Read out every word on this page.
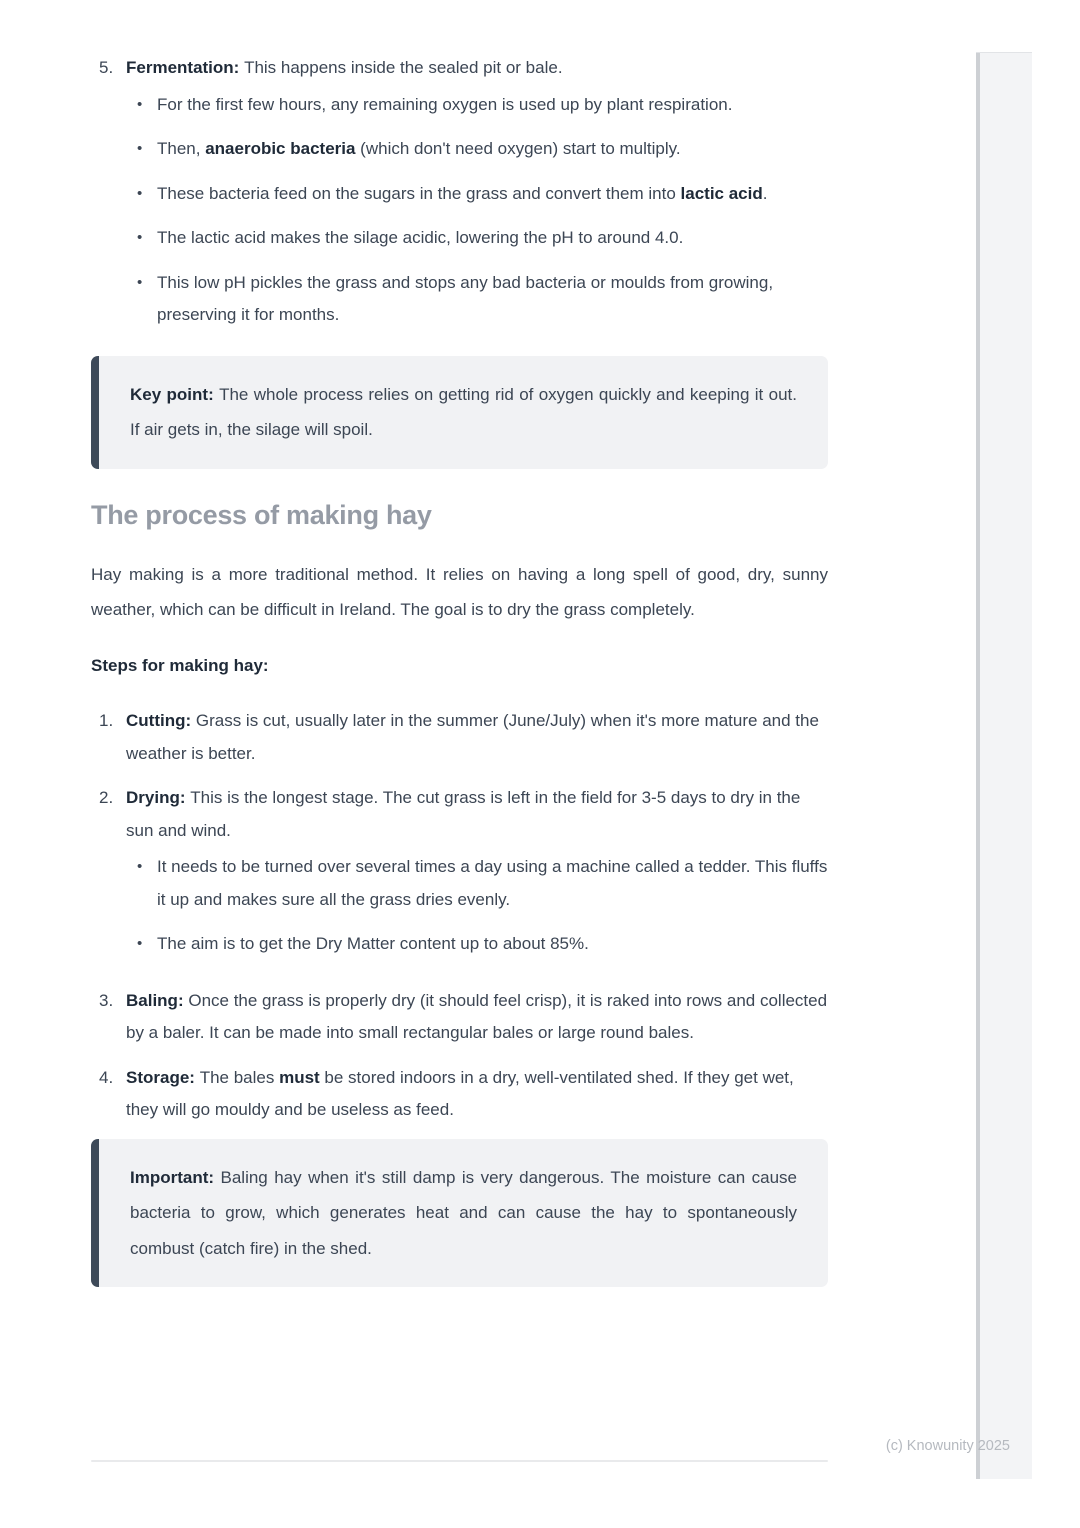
5. Fermentation: This happens inside the sealed pit or bale.

• For the first few hours, any remaining oxygen is used up by plant respiration.

• Then, anaerobic bacteria (which don't need oxygen) start to multiply.

• These bacteria feed on the sugars in the grass and convert them into lactic acid.

• The lactic acid makes the silage acidic, lowering the pH to around 4.0.

• This low pH pickles the grass and stops any bad bacteria or moulds from growing, preserving it for months.

Key point: The whole process relies on getting rid of oxygen quickly and keeping it out. If air gets in, the silage will spoil.

The process of making hay

Hay making is a more traditional method. It relies on having a long spell of good, dry, sunny weather, which can be difficult in Ireland. The goal is to dry the grass completely.

Steps for making hay:

1. Cutting: Grass is cut, usually later in the summer (June/July) when it's more mature and the weather is better.

2. Drying: This is the longest stage. The cut grass is left in the field for 3-5 days to dry in the sun and wind.

• It needs to be turned over several times a day using a machine called a tedder. This fluffs it up and makes sure all the grass dries evenly.

• The aim is to get the Dry Matter content up to about 85%.

3. Baling: Once the grass is properly dry (it should feel crisp), it is raked into rows and collected by a baler. It can be made into small rectangular bales or large round bales.

4. Storage: The bales must be stored indoors in a dry, well-ventilated shed. If they get wet, they will go mouldy and be useless as feed.

Important: Baling hay when it's still damp is very dangerous. The moisture can cause bacteria to grow, which generates heat and can cause the hay to spontaneously combust (catch fire) in the shed.

(c) Knowunity 2025
